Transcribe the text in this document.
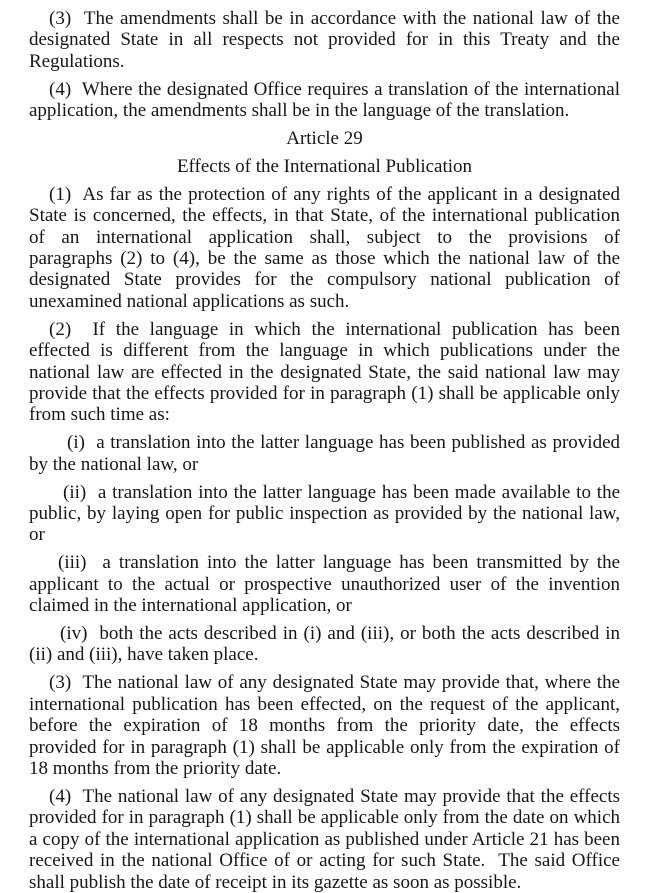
(3)  The amendments shall be in accordance with the national law of the designated State in all respects not provided for in this Treaty and the Regulations.

(4)  Where the designated Office requires a translation of the international application, the amendments shall be in the language of the translation.

Article 29
Effects of the International Publication

(1)  As far as the protection of any rights of the applicant in a designated State is concerned, the effects, in that State, of the international publication of an international application shall, subject to the provisions of paragraphs (2) to (4), be the same as those which the national law of the designated State provides for the compulsory national publication of unexamined national applications as such.

(2)  If the language in which the international publication has been effected is different from the language in which publications under the national law are effected in the designated State, the said national law may provide that the effects provided for in paragraph (1) shall be applicable only from such time as:

(i)  a translation into the latter language has been published as provided by the national law, or

(ii)  a translation into the latter language has been made available to the public, by laying open for public inspection as provided by the national law, or

(iii)  a translation into the latter language has been transmitted by the applicant to the actual or prospective unauthorized user of the invention claimed in the international application, or

(iv)  both the acts described in (i) and (iii), or both the acts described in (ii) and (iii), have taken place.

(3)  The national law of any designated State may provide that, where the international publication has been effected, on the request of the applicant, before the expiration of 18 months from the priority date, the effects provided for in paragraph (1) shall be applicable only from the expiration of 18 months from the priority date.

(4)  The national law of any designated State may provide that the effects provided for in paragraph (1) shall be applicable only from the date on which a copy of the international application as published under Article 21 has been received in the national Office of or acting for such State.  The said Office shall publish the date of receipt in its gazette as soon as possible.
